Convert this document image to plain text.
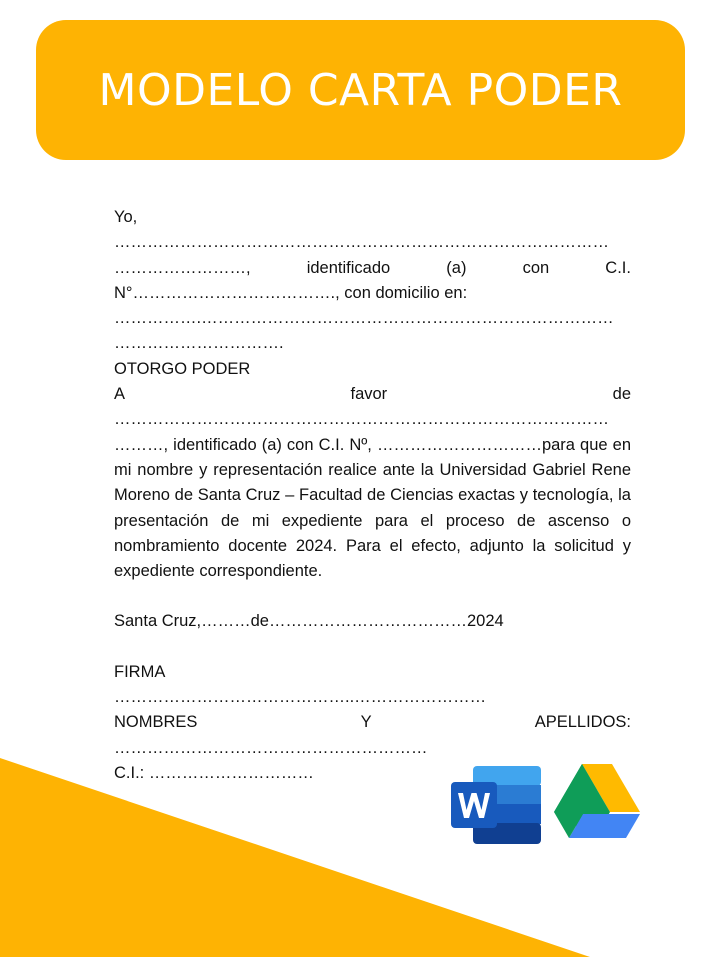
MODELO CARTA PODER
Yo,
………………………………………………………………………………
……………………,	identificado	(a)	con	C.I.
N°………………………………., con domicilio en:
…………….…………………………………………………………………
………………………….
OTORGO PODER
A	favor	de
………………………………………………………………………………
………, identificado (a) con C.I. Nº, …………………………para que en mi nombre y representación realice ante la Universidad Gabriel Rene Moreno de Santa Cruz – Facultad de Ciencias exactas y tecnología, la presentación de mi expediente para el proceso de ascenso o nombramiento docente 2024. Para el efecto, adjunto la solicitud y expediente correspondiente.
Santa Cruz,………de………………………………2024
FIRMA
……………………………………..……………………
NOMBRES	Y	APELLIDOS:
…………………………………………………
C.I.: …………………………
